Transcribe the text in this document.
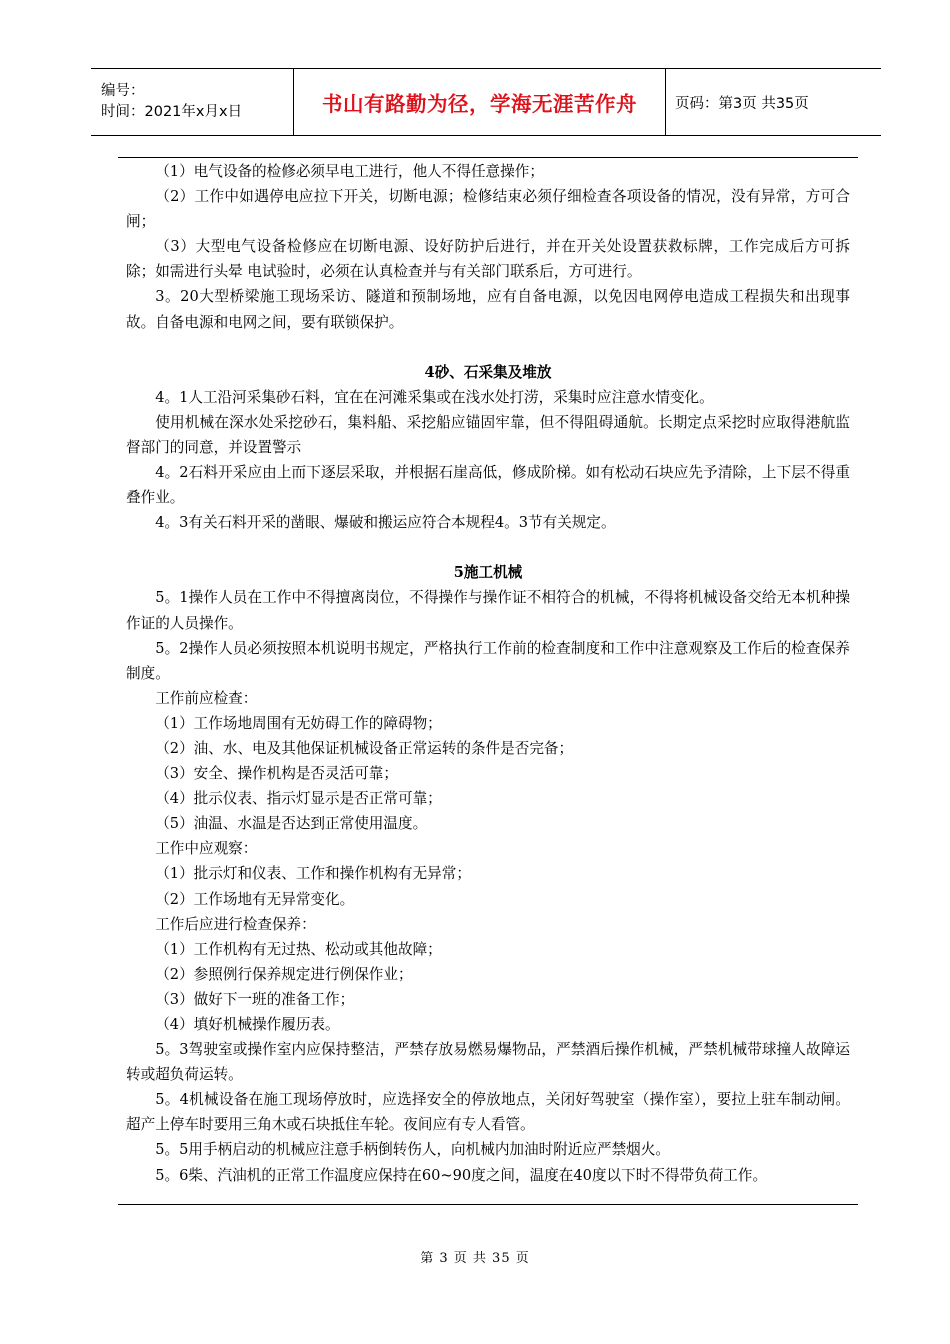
编号：
时间：2021年x月x日	书山有路勤为径，学海无涯苦作舟	页码：第3页 共35页

（1）电气设备的检修必须早电工进行，他人不得任意操作；

（2）工作中如遇停电应拉下开关，切断电源；检修结束必须仔细检查各项设备的情况，没有异常，方可合闸；

（3）大型电气设备检修应在切断电源、设好防护后进行，并在开关处设置获救标牌，工作完成后方可拆除；如需进行头晕 电试验时，必须在认真检查并与有关部门联系后，方可进行。

3。20大型桥梁施工现场采访、隧道和预制场地，应有自备电源，以免因电网停电造成工程损失和出现事故。自备电源和电网之间，要有联锁保护。

4砂、石采集及堆放

4。1人工沿河采集砂石料，宜在在河滩采集或在浅水处打涝，采集时应注意水情变化。

使用机械在深水处采挖砂石，集料船、采挖船应锚固牢靠，但不得阻碍通航。长期定点采挖时应取得港航监督部门的同意，并设置警示

4。2石料开采应由上而下逐层采取，并根据石崖高低，修成阶梯。如有松动石块应先予清除，上下层不得重叠作业。

4。3有关石料开采的凿眼、爆破和搬运应符合本规程4。3节有关规定。

5施工机械

5。1操作人员在工作中不得擅离岗位，不得操作与操作证不相符合的机械，不得将机械设备交给无本机种操作证的人员操作。

5。2操作人员必须按照本机说明书规定，严格执行工作前的检查制度和工作中注意观察及工作后的检查保养制度。

工作前应检查：

（1）工作场地周围有无妨碍工作的障碍物；

（2）油、水、电及其他保证机械设备正常运转的条件是否完备；

（3）安全、操作机构是否灵活可靠；

（4）批示仪表、指示灯显示是否正常可靠；

（5）油温、水温是否达到正常使用温度。

工作中应观察：

（1）批示灯和仪表、工作和操作机构有无异常；

（2）工作场地有无异常变化。

工作后应进行检查保养：

（1）工作机构有无过热、松动或其他故障；

（2）参照例行保养规定进行例保作业；

（3）做好下一班的准备工作；

（4）填好机械操作履历表。

5。3驾驶室或操作室内应保持整洁，严禁存放易燃易爆物品，严禁酒后操作机械，严禁机械带球撞人故障运转或超负荷运转。

5。4机械设备在施工现场停放时，应选择安全的停放地点，关闭好驾驶室（操作室），要拉上驻车制动闸。超产上停车时要用三角木或石块抵住车轮。夜间应有专人看管。

5。5用手柄启动的机械应注意手柄倒转伤人，向机械内加油时附近应严禁烟火。

5。6柴、汽油机的正常工作温度应保持在60~90度之间，温度在40度以下时不得带负荷工作。

第 3 页 共 35 页
